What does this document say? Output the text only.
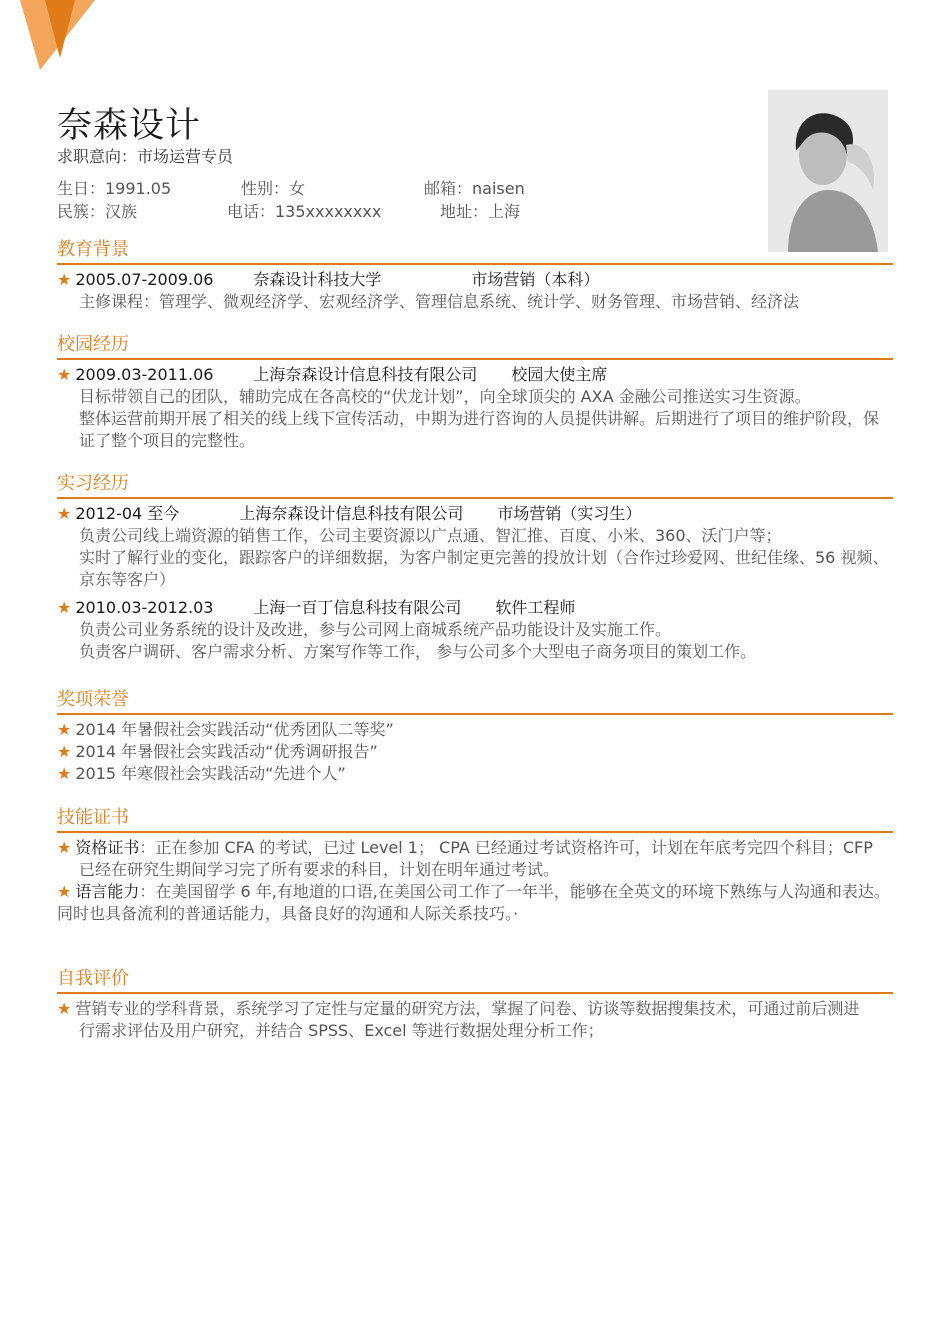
奈森设计
求职意向：市场运营专员
生日：1991.05	性别：女	邮箱：naisen
民簇：汉族	电话：135xxxxxxxx	地址：上海
教育背景
★ 2005.07-2009.06 奈森设计科技大学	市场营销（本科）
主修课程：管理学、微观经济学、宏观经济学、管理信息系统、统计学、财务管理、市场营销、经济法
校园经历
★ 2009.03-2011.06 上海奈森设计信息科技有限公司 校园大使主席
目标带领自己的团队，辅助完成在各高校的“伏龙计划”，向全球顶尖的 AXA 金融公司推送实习生资源。
整体运营前期开展了相关的线上线下宣传活动，中期为进行咨询的人员提供讲解。后期进行了项目的维护阶段，保证了整个项目的完整性。
实习经历
★ 2012-04 至今	上海奈森设计信息科技有限公司 市场营销（实习生）
负责公司线上端资源的销售工作，公司主要资源以广点通、智汇推、百度、小米、360、沃门户等；
实时了解行业的变化，跟踪客户的详细数据，为客户制定更完善的投放计划（合作过珍爱网、世纪佳缘、56 视频、京东等客户）
★ 2010.03-2012.03 上海一百丁信息科技有限公司 软件工程师
负责公司业务系统的设计及改进，参与公司网上商城系统产品功能设计及实施工作。
负责客户调研、客户需求分析、方案写作等工作， 参与公司多个大型电子商务项目的策划工作。
奖项荣誉
★ 2014 年暑假社会实践活动“优秀团队二等奖”
★ 2014 年暑假社会实践活动“优秀调研报告”
★ 2015 年寒假社会实践活动“先进个人”
技能证书
★ 资格证书：正在参加 CFA 的考试，已过 Level 1； CPA 已经通过考试资格许可，计划在年底考完四个科目；CFP
已经在研究生期间学习完了所有要求的科目，计划在明年通过考试。
★ 语言能力：在美国留学 6 年,有地道的口语,在美国公司工作了一年半，能够在全英文的环境下熟练与人沟通和表达。同时也具备流利的普通话能力，具备良好的沟通和人际关系技巧。·
自我评价
★ 营销专业的学科背景，系统学习了定性与定量的研究方法，掌握了问卷、访谈等数据搜集技术，可通过前后测进
行需求评估及用户研究，并结合 SPSS、Excel 等进行数据处理分析工作；
